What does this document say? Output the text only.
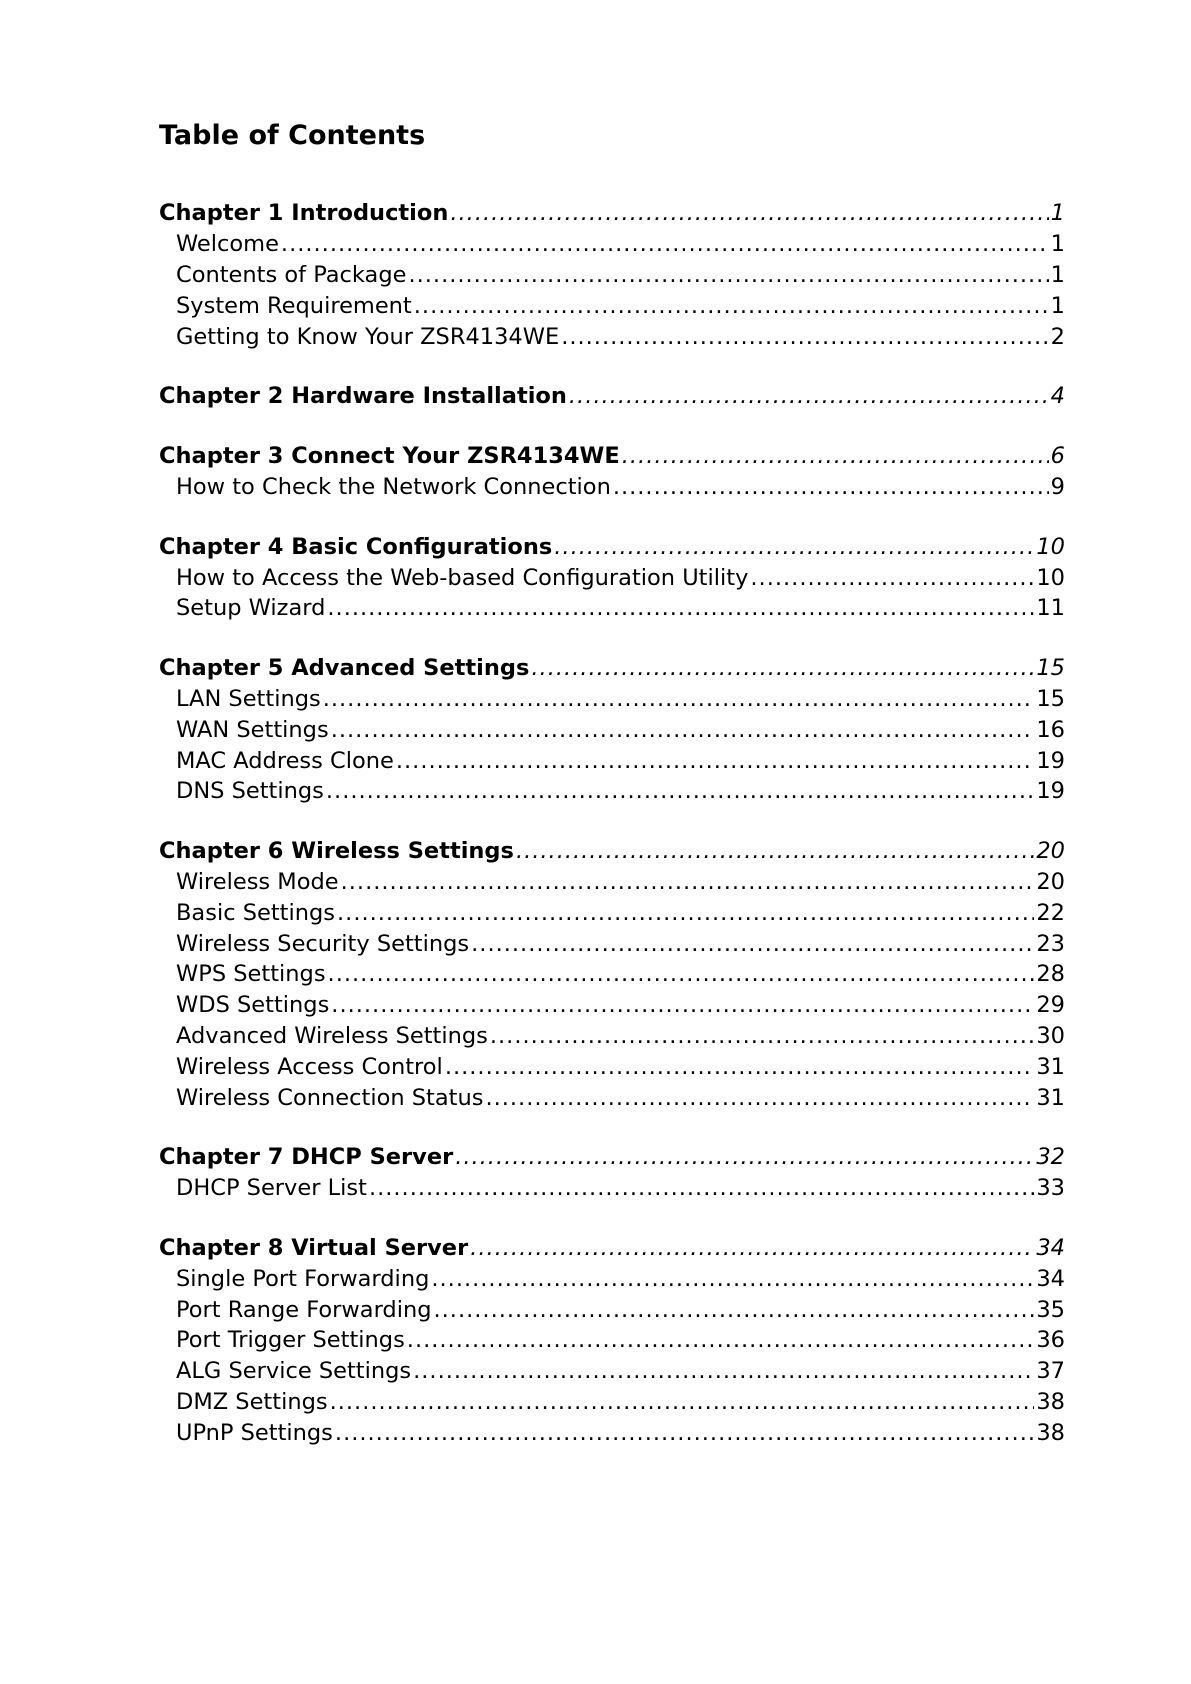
Table of Contents
Chapter 1 Introduction .....	1
Welcome .....	1
Contents of Package .....	1
System Requirement .....	1
Getting to Know Your ZSR4134WE .....	2
Chapter 2 Hardware Installation .....	4
Chapter 3 Connect Your ZSR4134WE .....	6
How to Check the Network Connection .....	9
Chapter 4 Basic Configurations .....	10
How to Access the Web-based Configuration Utility .....	10
Setup Wizard .....	11
Chapter 5 Advanced Settings .....	15
LAN Settings .....	15
WAN Settings .....	16
MAC Address Clone .....	19
DNS Settings .....	19
Chapter 6 Wireless Settings .....	20
Wireless Mode .....	20
Basic Settings .....	22
Wireless Security Settings .....	23
WPS Settings .....	28
WDS Settings .....	29
Advanced Wireless Settings .....	30
Wireless Access Control .....	31
Wireless Connection Status .....	31
Chapter 7 DHCP Server .....	32
DHCP Server List .....	33
Chapter 8 Virtual Server .....	34
Single Port Forwarding .....	34
Port Range Forwarding .....	35
Port Trigger Settings .....	36
ALG Service Settings .....	37
DMZ Settings .....	38
UPnP Settings .....	38
